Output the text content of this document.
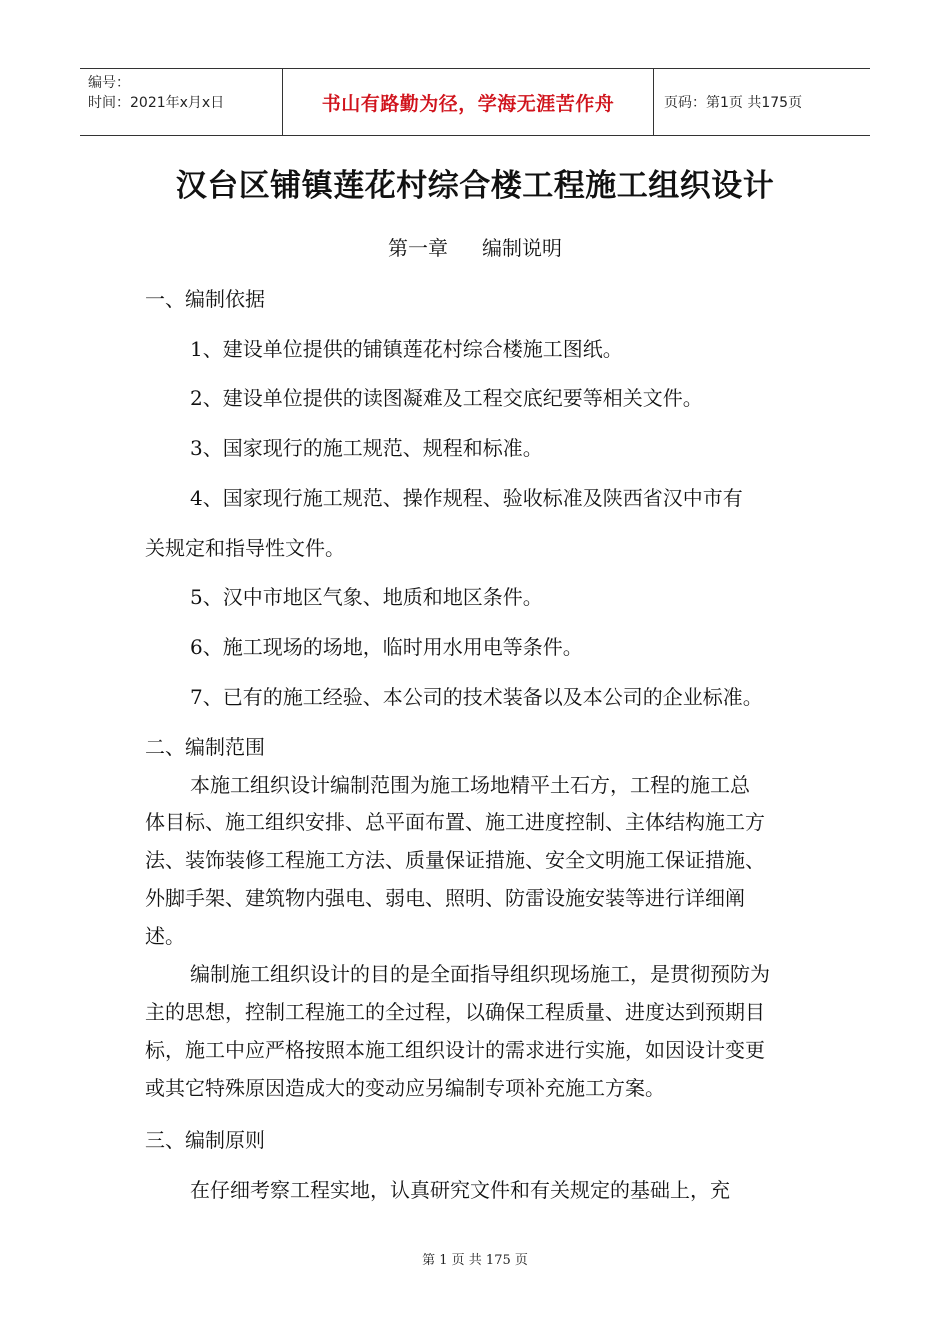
编号：
时间：2021年x月x日	书山有路勤为径，学海无涯苦作舟	页码：第1页 共175页
汉台区铺镇莲花村综合楼工程施工组织设计
第一章 编制说明
一、编制依据
1、建设单位提供的铺镇莲花村综合楼施工图纸。
2、建设单位提供的读图凝难及工程交底纪要等相关文件。
3、国家现行的施工规范、规程和标准。
4、国家现行施工规范、操作规程、验收标准及陕西省汉中市有
关规定和指导性文件。
5、汉中市地区气象、地质和地区条件。
6、施工现场的场地，临时用水用电等条件。
7、已有的施工经验、本公司的技术装备以及本公司的企业标准。
二、编制范围
本施工组织设计编制范围为施工场地精平土石方，工程的施工总
体目标、施工组织安排、总平面布置、施工进度控制、主体结构施工方
法、装饰装修工程施工方法、质量保证措施、安全文明施工保证措施、
外脚手架、建筑物内强电、弱电、照明、防雷设施安装等进行详细阐
述。
编制施工组织设计的目的是全面指导组织现场施工，是贯彻预防为
主的思想，控制工程施工的全过程，以确保工程质量、进度达到预期目
标，施工中应严格按照本施工组织设计的需求进行实施，如因设计变更
或其它特殊原因造成大的变动应另编制专项补充施工方案。
三、编制原则
在仔细考察工程实地，认真研究文件和有关规定的基础上，充
第 1 页 共 175 页
